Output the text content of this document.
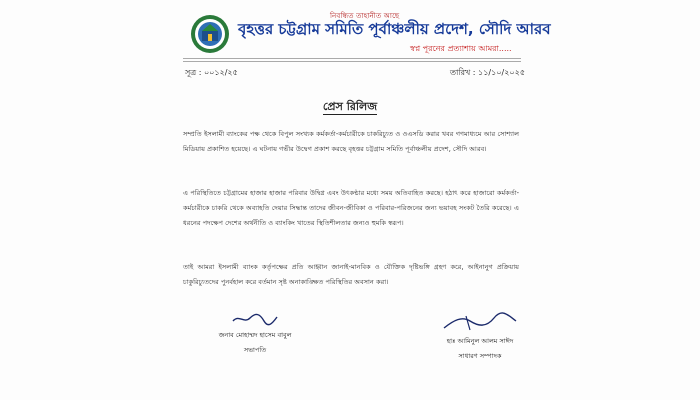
নিবন্ধিত তাহা‍নীত আছে
বৃহত্তর চট্টগ্রাম সমিতি পূর্বাঞ্চলীয় প্রদেশ, সৌদি আরব
স্বপ্ন পূরনের প্রত্যাশায় আমরা.....
সূত্র : ০০১২/২৫	তারিখ : ১১/১০/২০২৫
প্রেস রিলিজ
সম্প্রতি ইসলামী ব্যাংকের পক্ষ থেকে বিপুল সংখ্যক কর্মকর্তা-কর্মচারীকে চাকরিচ্যুত ও ওএসডি করার খবর গণমাধ্যমে আর সোশ্যাল মিডিয়ায় প্রকাশিত হয়েছে। এ ঘটনায় গভীর উদ্বেগ প্রকাশ করছে বৃহত্তর চট্টগ্রাম সমিতি পূর্বাঞ্চলীয় প্রদেশ, সৌদি আরব।
এ পরিস্থিতিতে চট্টগ্রামের হাজার হাজার পরিবার উদ্বিগ্ন এবং উৎকণ্ঠার মধ্যে সময় অতিবাহিত করছে। হঠাৎ করে হাজারো কর্মকর্তা-কর্মচারীকে চাকরি থেকে অব্যাহতি দেয়ার সিদ্ধান্ত তাদের জীবন-জীবিকা ও পরিবার-পরিজনের জন্য ভয়াবহ সংকট তৈরি করেছে। এ ধরনের পদক্ষেপ দেশের অর্থনীতি ও ব্যাংকিং খাতের স্থিতিশীলতার জন্যও হুমকি স্বরূপ।
তাই আমরা ইসলামী ব্যাংক কর্তৃপক্ষের প্রতি আহ্বান জানাই-মানবিক ও যৌক্তিক দৃষ্টিভঙ্গি গ্রহণ করে, আইনানুগ প্রক্রিয়ায় চাকুরিচ্যুতদের পুনর্বহাল করে বর্তমান সৃষ্ট অনাকাঙ্ক্ষিত পরিস্থিতির অবসান করা।
জনাব মোহাম্মদ হাসেম বাবুল
সভাপতি
হাঃ আমিনুল আলম সাঈদ
সাধারণ সম্পাদক
